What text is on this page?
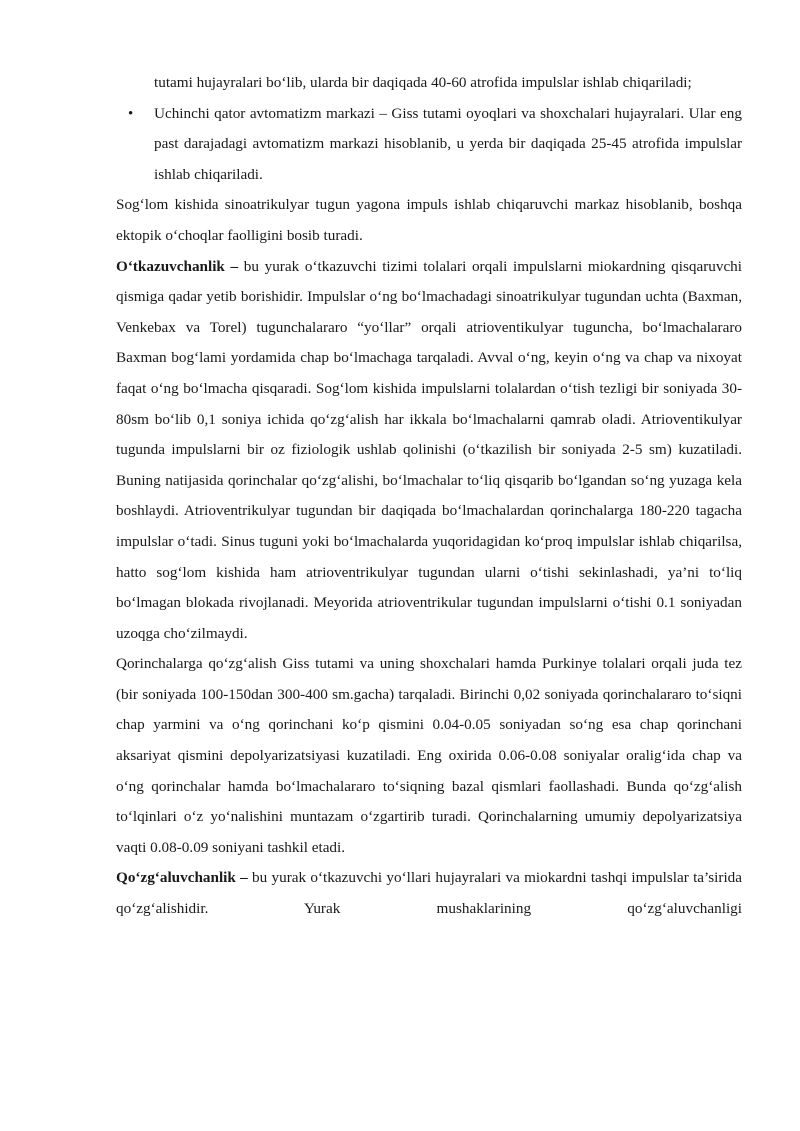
tutami hujayralari bo‘lib, ularda bir daqiqada 40-60 atrofida impulslar ishlab chiqariladi;

•	Uchinchi qator avtomatizm markazi – Giss tutami oyoqlari va shoxchalari hujayralari. Ular eng past darajadagi avtomatizm markazi hisoblanib, u yerda bir daqiqada 25-45 atrofida impulslar ishlab chiqariladi.

Sog‘lom kishida sinoatrikulyar tugun yagona impuls ishlab chiqaruvchi markaz hisoblanib, boshqa ektopik o‘choqlar faolligini bosib turadi.

O‘tkazuvchanlik – bu yurak o‘tkazuvchi tizimi tolalari orqali impulslarni miokardning qisqaruvchi qismiga qadar yetib borishidir. Impulslar o‘ng bo‘lmachadagi sinoatrikulyar tugundan uchta (Baxman, Venkebax va Torel) tugunchalararo “yo‘llar” orqali atrioventikulyar tuguncha, bo‘lmachalararo Baxman bog‘lami yordamida chap bo‘lmachaga tarqaladi. Avval o‘ng, keyin o‘ng va chap va nixoyat faqat o‘ng bo‘lmacha qisqaradi. Sog‘lom kishida impulslarni tolalardan o‘tish tezligi bir soniyada 30-80sm bo‘lib 0,1 soniya ichida qo‘zg‘alish har ikkala bo‘lmachalarni qamrab oladi. Atrioventikulyar tugunda impulslarni bir oz fiziologik ushlab qolinishi (o‘tkazilish bir soniyada 2-5 sm) kuzatiladi. Buning natijasida qorinchalar qo‘zg‘alishi, bo‘lmachalar to‘liq qisqarib bo‘lgandan so‘ng yuzaga kela boshlaydi. Atrioventrikulyar tugundan bir daqiqada bo‘lmachalardan qorinchalarga 180-220 tagacha impulslar o‘tadi. Sinus tuguni yoki bo‘lmachalarda yuqoridagidan ko‘proq impulslar ishlab chiqarilsa, hatto sog‘lom kishida ham atrioventrikulyar tugundan ularni o‘tishi sekinlashadi, ya’ni to‘liq bo‘lmagan blokada rivojlanadi. Meyorida atrioventrikular tugundan impulslarni o‘tishi 0.1 soniyadan uzoqga cho‘zilmaydi.

Qorinchalarga qo‘zg‘alish Giss tutami va uning shoxchalari hamda Purkinye tolalari orqali juda tez (bir soniyada 100-150dan 300-400 sm.gacha) tarqaladi. Birinchi 0,02 soniyada qorinchalararo to‘siqni chap yarmini va o‘ng qorinchani ko‘p qismini 0.04-0.05 soniyadan so‘ng esa chap qorinchani aksariyat qismini depolyarizatsiyasi kuzatiladi. Eng oxirida 0.06-0.08 soniyalar oralig‘ida chap va o‘ng qorinchalar hamda bo‘lmachalararo to‘siqning bazal qismlari faollashadi. Bunda qo‘zg‘alish to‘lqinlari o‘z yo‘nalishini muntazam o‘zgartirib turadi. Qorinchalarning umumiy depolyarizatsiya vaqti 0.08-0.09 soniyani tashkil etadi.

Qo‘zg‘aluvchanlik – bu yurak o‘tkazuvchi yo‘llari hujayralari va miokardni tashqi impulslar ta’sirida qo‘zg‘alishidir. Yurak mushaklarining qo‘zg‘aluvchanligi
